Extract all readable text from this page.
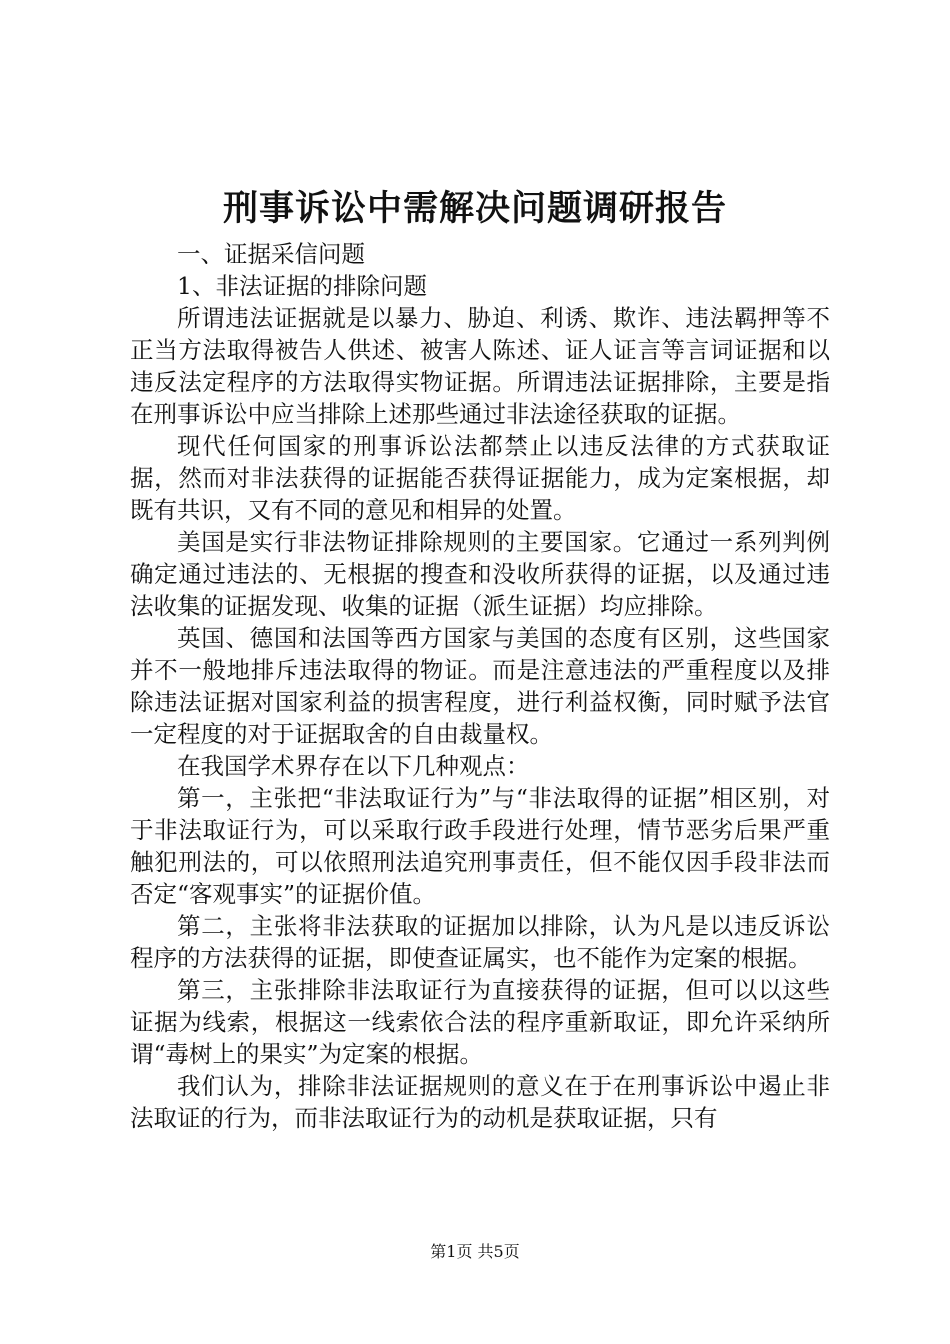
刑事诉讼中需解决问题调研报告

一、证据采信问题

1、非法证据的排除问题

所谓违法证据就是以暴力、胁迫、利诱、欺诈、违法羁押等不正当方法取得被告人供述、被害人陈述、证人证言等言词证据和以违反法定程序的方法取得实物证据。所谓违法证据排除，主要是指在刑事诉讼中应当排除上述那些通过非法途径获取的证据。

现代任何国家的刑事诉讼法都禁止以违反法律的方式获取证据，然而对非法获得的证据能否获得证据能力，成为定案根据，却既有共识，又有不同的意见和相异的处置。

美国是实行非法物证排除规则的主要国家。它通过一系列判例确定通过违法的、无根据的搜查和没收所获得的证据，以及通过违法收集的证据发现、收集的证据（派生证据）均应排除。

英国、德国和法国等西方国家与美国的态度有区别，这些国家并不一般地排斥违法取得的物证。而是注意违法的严重程度以及排除违法证据对国家利益的损害程度，进行利益权衡，同时赋予法官一定程度的对于证据取舍的自由裁量权。

在我国学术界存在以下几种观点：

第一，主张把“非法取证行为”与“非法取得的证据”相区别，对于非法取证行为，可以采取行政手段进行处理，情节恶劣后果严重触犯刑法的，可以依照刑法追究刑事责任，但不能仅因手段非法而否定“客观事实”的证据价值。

第二，主张将非法获取的证据加以排除，认为凡是以违反诉讼程序的方法获得的证据，即使查证属实，也不能作为定案的根据。

第三，主张排除非法取证行为直接获得的证据，但可以以这些证据为线索，根据这一线索依合法的程序重新取证，即允许采纳所谓“毒树上的果实”为定案的根据。

我们认为，排除非法证据规则的意义在于在刑事诉讼中遏止非法取证的行为，而非法取证行为的动机是获取证据，只有

第1页 共5页
